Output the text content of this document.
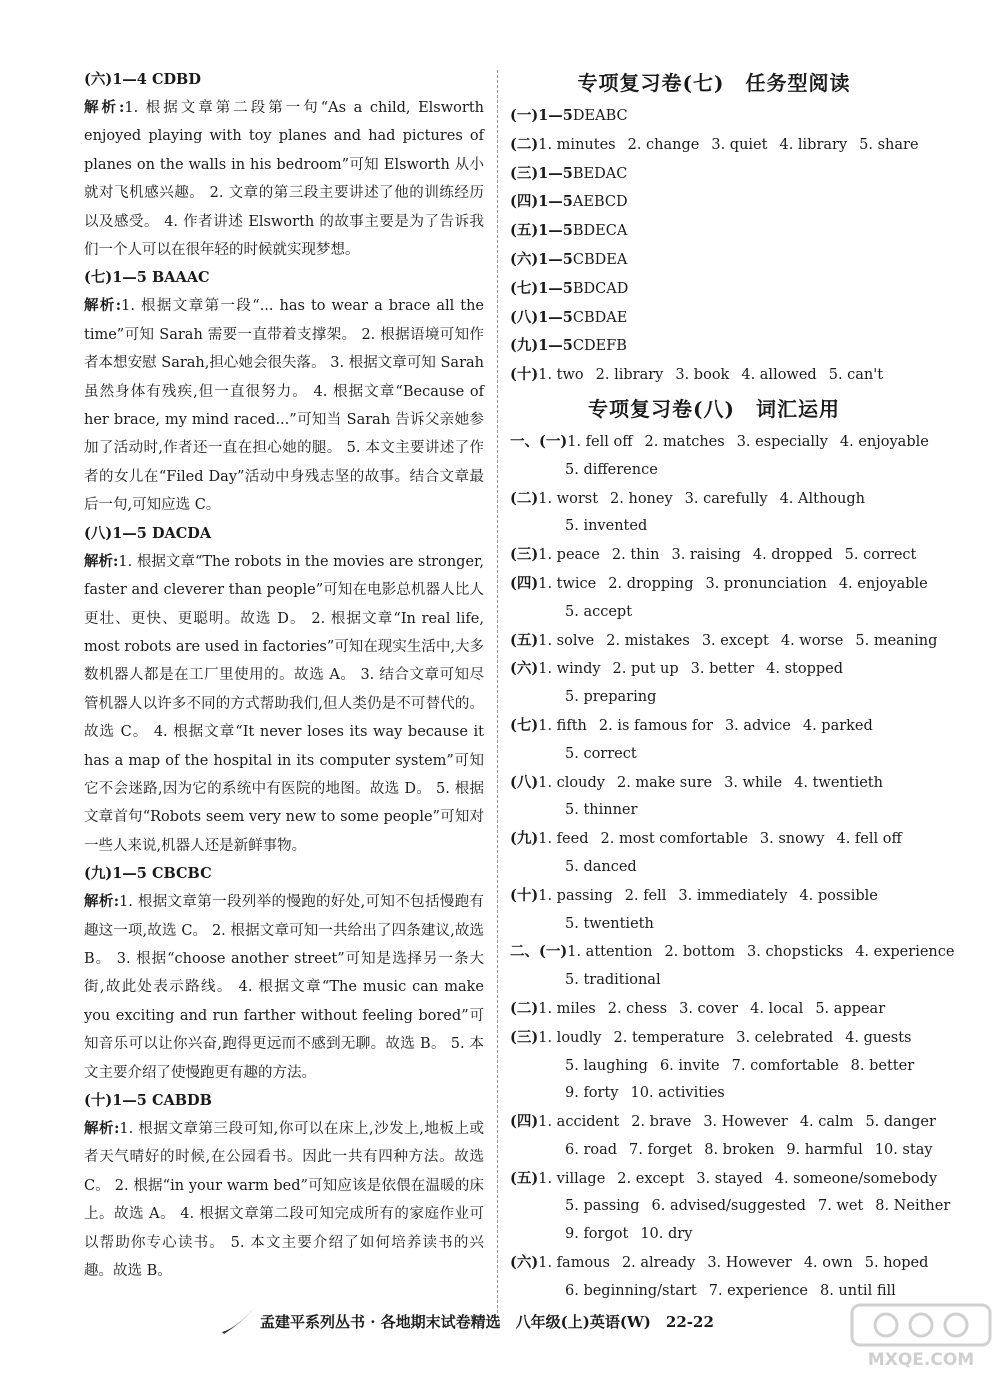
(六)1—4 CDBD
解析:1. 根据文章第二段第一句“As a child, Elsworth enjoyed playing with toy planes and had pictures of planes on the walls in his bedroom”可知 Elsworth 从小就对飞机感兴趣。 2. 文章的第三段主要讲述了他的训练经历以及感受。 4. 作者讲述 Elsworth 的故事主要是为了告诉我们一个人可以在很年轻的时候就实现梦想。
(七)1—5 BAAAC
解析:1. 根据文章第一段“... has to wear a brace all the time”可知 Sarah 需要一直带着支撑架。 2. 根据语境可知作者本想安慰 Sarah,担心她会很失落。 3. 根据文章可知 Sarah 虽然身体有残疾,但一直很努力。 4. 根据文章“Because of her brace, my mind raced...”可知当 Sarah 告诉父亲她参加了活动时,作者还一直在担心她的腿。 5. 本文主要讲述了作者的女儿在“Filed Day”活动中身残志坚的故事。结合文章最后一句,可知应选 C。
(八)1—5 DACDA
解析:1. 根据文章“The robots in the movies are stronger, faster and cleverer than people”可知在电影总机器人比人更壮、更快、更聪明。故选 D。 2. 根据文章“In real life, most robots are used in factories”可知在现实生活中,大多数机器人都是在工厂里使用的。故选 A。 3. 结合文章可知尽管机器人以许多不同的方式帮助我们,但人类仍是不可替代的。故选 C。 4. 根据文章“It never loses its way because it has a map of the hospital in its computer system”可知它不会迷路,因为它的系统中有医院的地图。故选 D。 5. 根据文章首句“Robots seem very new to some people”可知对一些人来说,机器人还是新鲜事物。
(九)1—5 CBCBC
解析:1. 根据文章第一段列举的慢跑的好处,可知不包括慢跑有趣这一项,故选 C。 2. 根据文章可知一共给出了四条建议,故选 B。 3. 根据“choose another street”可知是选择另一条大街,故此处表示路线。 4. 根据文章“The music can make you exciting and run farther without feeling bored”可知音乐可以让你兴奋,跑得更远而不感到无聊。故选 B。 5. 本文主要介绍了使慢跑更有趣的方法。
(十)1—5 CABDB
解析:1. 根据文章第三段可知,你可以在床上,沙发上,地板上或者天气晴好的时候,在公园看书。因此一共有四种方法。故选 C。 2. 根据“in your warm bed”可知应该是依偎在温暖的床上。故选 A。 4. 根据文章第二段可知完成所有的家庭作业可以帮助你专心读书。 5. 本文主要介绍了如何培养读书的兴趣。故选 B。
专项复习卷(七)　任务型阅读
(一)1—5DEABC
(二)1. minutes 2. change 3. quiet 4. library 5. share
(三)1—5BEDAC
(四)1—5AEBCD
(五)1—5BDECA
(六)1—5CBDEA
(七)1—5BDCAD
(八)1—5CBDAE
(九)1—5CDEFB
(十)1. two 2. library 3. book 4. allowed 5. can't
专项复习卷(八)　词汇运用
一、(一)1. fell off 2. matches 3. especially 4. enjoyable
5. difference
(二)1. worst 2. honey 3. carefully 4. Although
5. invented
(三)1. peace 2. thin 3. raising 4. dropped 5. correct
(四)1. twice 2. dropping 3. pronunciation 4. enjoyable
5. accept
(五)1. solve 2. mistakes 3. except 4. worse 5. meaning
(六)1. windy 2. put up 3. better 4. stopped
5. preparing
(七)1. fifth 2. is famous for 3. advice 4. parked
5. correct
(八)1. cloudy 2. make sure 3. while 4. twentieth
5. thinner
(九)1. feed 2. most comfortable 3. snowy 4. fell off
5. danced
(十)1. passing 2. fell 3. immediately 4. possible
5. twentieth
二、(一)1. attention 2. bottom 3. chopsticks 4. experience
5. traditional
(二)1. miles 2. chess 3. cover 4. local 5. appear
(三)1. loudly 2. temperature 3. celebrated 4. guests
5. laughing 6. invite 7. comfortable 8. better
9. forty 10. activities
(四)1. accident 2. brave 3. However 4. calm 5. danger
6. road 7. forget 8. broken 9. harmful 10. stay
(五)1. village 2. except 3. stayed 4. someone/somebody
5. passing 6. advised/suggested 7. wet 8. Neither
9. forgot 10. dry
(六)1. famous 2. already 3. However 4. own 5. hoped
6. beginning/start 7. experience 8. until fill
孟建平系列丛书 · 各地期末试卷精选　八年级(上)英语(W)　22-22
MXQE.COM
